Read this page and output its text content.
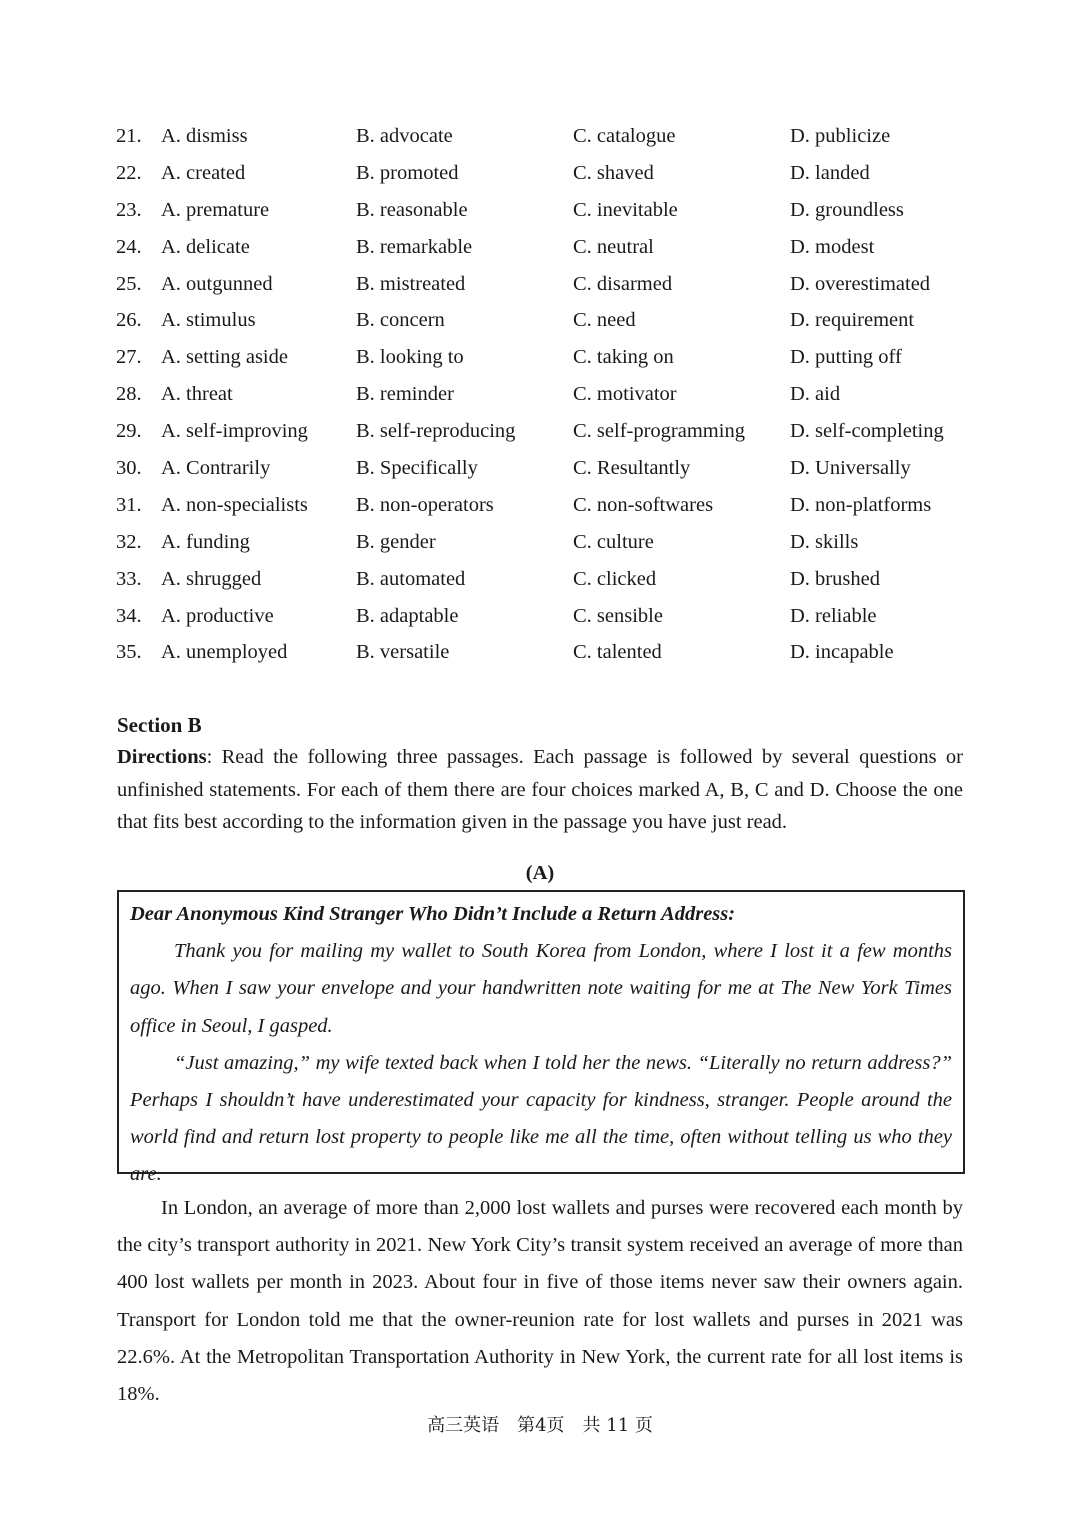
21. A. dismiss	B. advocate	C. catalogue	D. publicize
22. A. created	B. promoted	C. shaved	D. landed
23. A. premature	B. reasonable	C. inevitable	D. groundless
24. A. delicate	B. remarkable	C. neutral	D. modest
25. A. outgunned	B. mistreated	C. disarmed	D. overestimated
26. A. stimulus	B. concern	C. need	D. requirement
27. A. setting aside	B. looking to	C. taking on	D. putting off
28. A. threat	B. reminder	C. motivator	D. aid
29. A. self-improving B. self-reproducing	C. self-programming D. self-completing
30. A. Contrarily	B. Specifically	C. Resultantly	D. Universally
31. A. non-specialists B. non-operators	C. non-softwares	D. non-platforms
32. A. funding	B. gender	C. culture	D. skills
33. A. shrugged	B. automated	C. clicked	D. brushed
34. A. productive	B. adaptable	C. sensible	D. reliable
35. A. unemployed	B. versatile	C. talented	D. incapable
Section B
Directions: Read the following three passages. Each passage is followed by several questions or unfinished statements. For each of them there are four choices marked A, B, C and D. Choose the one that fits best according to the information given in the passage you have just read.
(A)
Dear Anonymous Kind Stranger Who Didn’t Include a Return Address:

Thank you for mailing my wallet to South Korea from London, where I lost it a few months ago. When I saw your envelope and your handwritten note waiting for me at The New York Times office in Seoul, I gasped.

“Just amazing,” my wife texted back when I told her the news. “Literally no return address?” Perhaps I shouldn’t have underestimated your capacity for kindness, stranger. People around the world find and return lost property to people like me all the time, often without telling us who they are.

In London, an average of more than 2,000 lost wallets and purses were recovered each month by the city’s transport authority in 2021. New York City’s transit system received an average of more than 400 lost wallets per month in 2023. About four in five of those items never saw their owners again. Transport for London told me that the owner-reunion rate for lost wallets and purses in 2021 was 22.6%. At the Metropolitan Transportation Authority in New York, the current rate for all lost items is 18%.

高三英语　第4页　共 11 页
